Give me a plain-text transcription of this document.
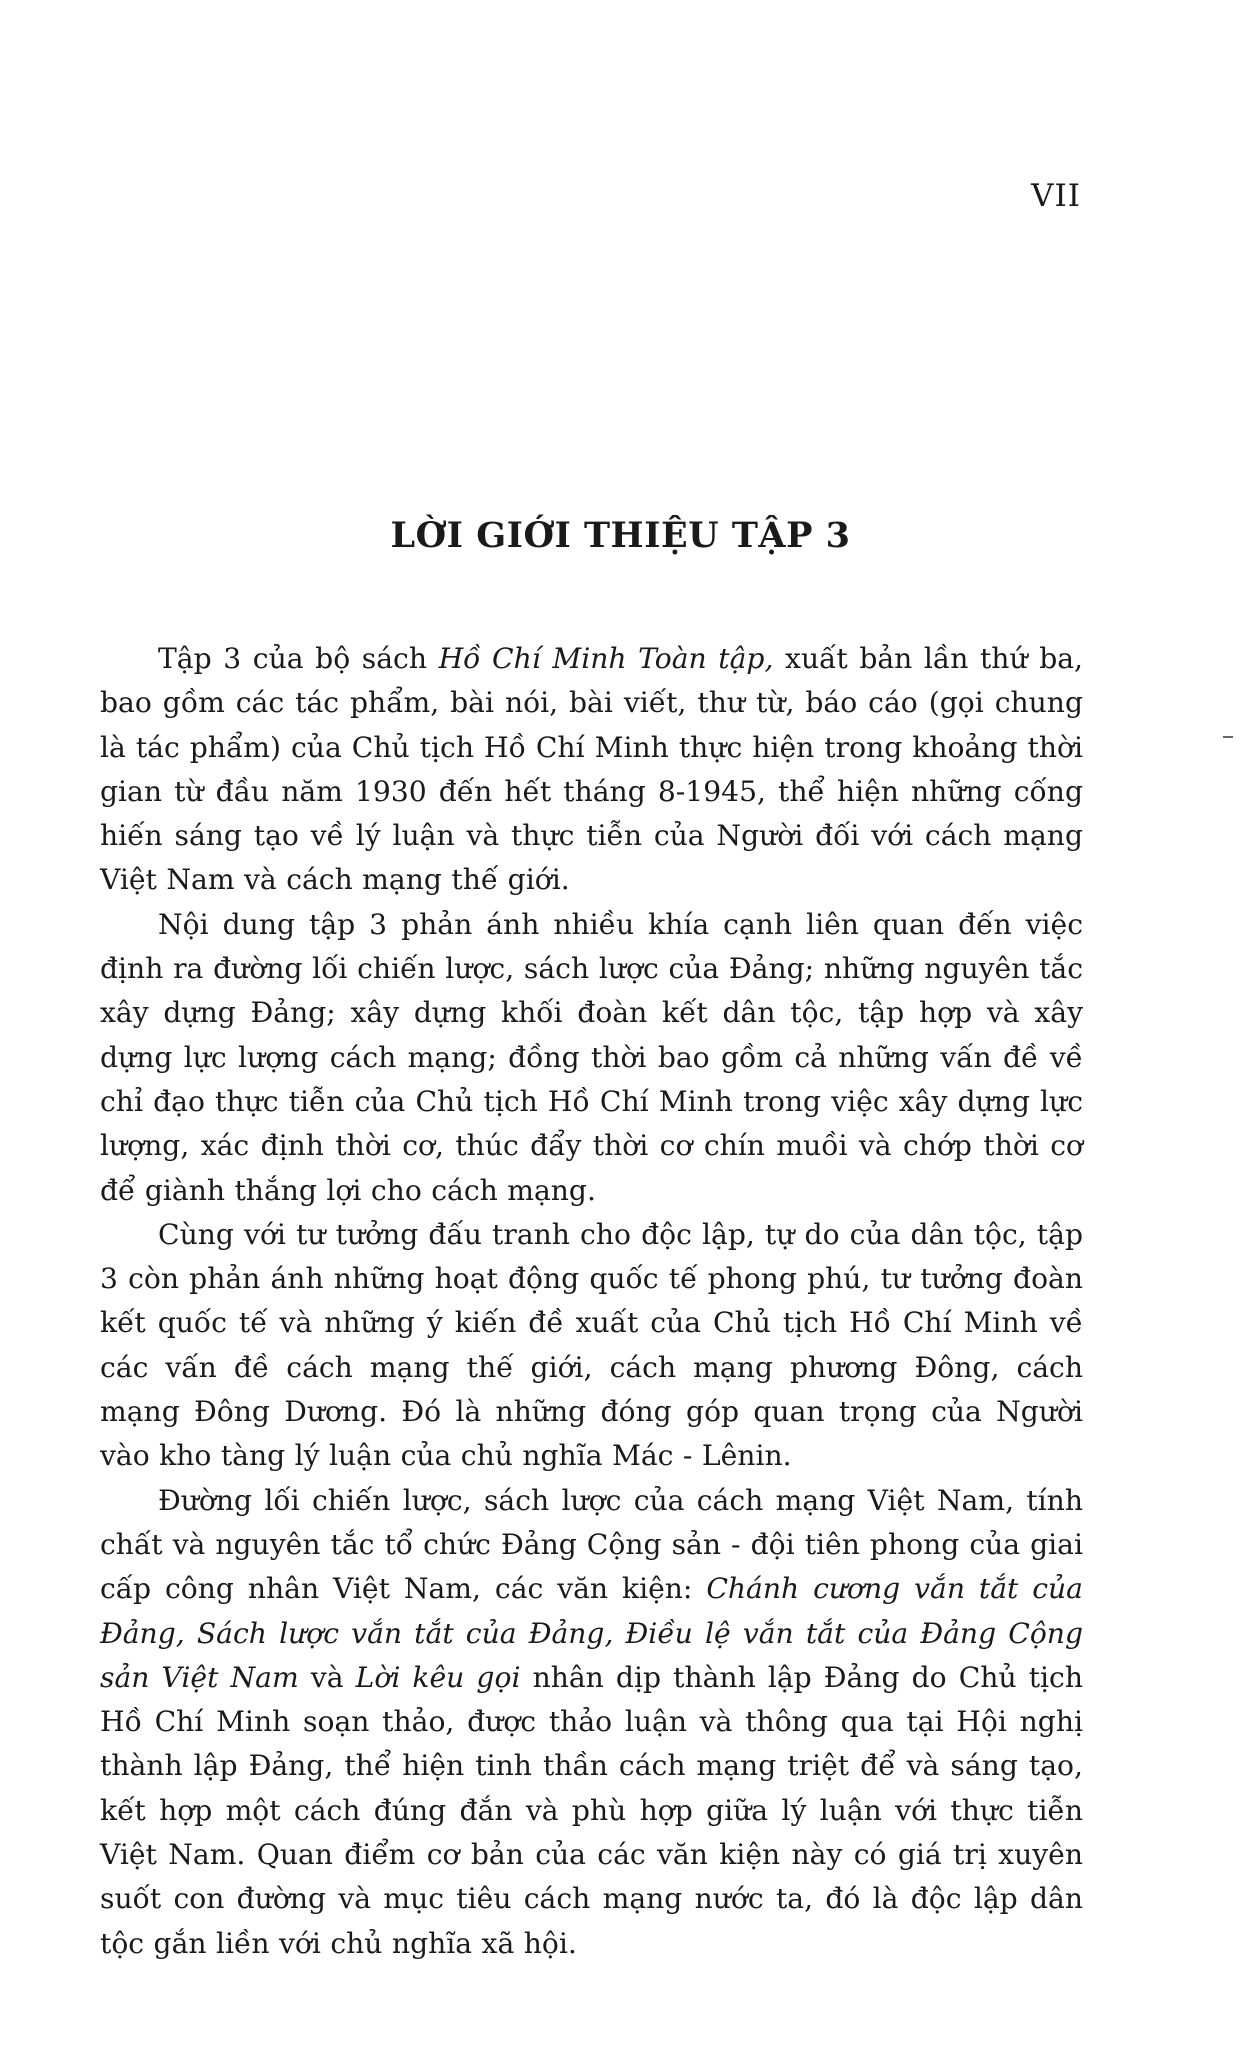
VII
LỜI GIỚI THIỆU TẬP 3

Tập 3 của bộ sách Hồ Chí Minh Toàn tập, xuất bản lần thứ ba, bao gồm các tác phẩm, bài nói, bài viết, thư từ, báo cáo (gọi chung là tác phẩm) của Chủ tịch Hồ Chí Minh thực hiện trong khoảng thời gian từ đầu năm 1930 đến hết tháng 8-1945, thể hiện những cống hiến sáng tạo về lý luận và thực tiễn của Người đối với cách mạng Việt Nam và cách mạng thế giới.

Nội dung tập 3 phản ánh nhiều khía cạnh liên quan đến việc định ra đường lối chiến lược, sách lược của Đảng; những nguyên tắc xây dựng Đảng; xây dựng khối đoàn kết dân tộc, tập hợp và xây dựng lực lượng cách mạng; đồng thời bao gồm cả những vấn đề về chỉ đạo thực tiễn của Chủ tịch Hồ Chí Minh trong việc xây dựng lực lượng, xác định thời cơ, thúc đẩy thời cơ chín muồi và chớp thời cơ để giành thắng lợi cho cách mạng.

Cùng với tư tưởng đấu tranh cho độc lập, tự do của dân tộc, tập 3 còn phản ánh những hoạt động quốc tế phong phú, tư tưởng đoàn kết quốc tế và những ý kiến đề xuất của Chủ tịch Hồ Chí Minh về các vấn đề cách mạng thế giới, cách mạng phương Đông, cách mạng Đông Dương. Đó là những đóng góp quan trọng của Người vào kho tàng lý luận của chủ nghĩa Mác - Lênin.

Đường lối chiến lược, sách lược của cách mạng Việt Nam, tính chất và nguyên tắc tổ chức Đảng Cộng sản - đội tiên phong của giai cấp công nhân Việt Nam, các văn kiện: Chánh cương vắn tắt của Đảng, Sách lược vắn tắt của Đảng, Điều lệ vắn tắt của Đảng Cộng sản Việt Nam và Lời kêu gọi nhân dịp thành lập Đảng do Chủ tịch Hồ Chí Minh soạn thảo, được thảo luận và thông qua tại Hội nghị thành lập Đảng, thể hiện tinh thần cách mạng triệt để và sáng tạo, kết hợp một cách đúng đắn và phù hợp giữa lý luận với thực tiễn Việt Nam. Quan điểm cơ bản của các văn kiện này có giá trị xuyên suốt con đường và mục tiêu cách mạng nước ta, đó là độc lập dân tộc gắn liền với chủ nghĩa xã hội.
